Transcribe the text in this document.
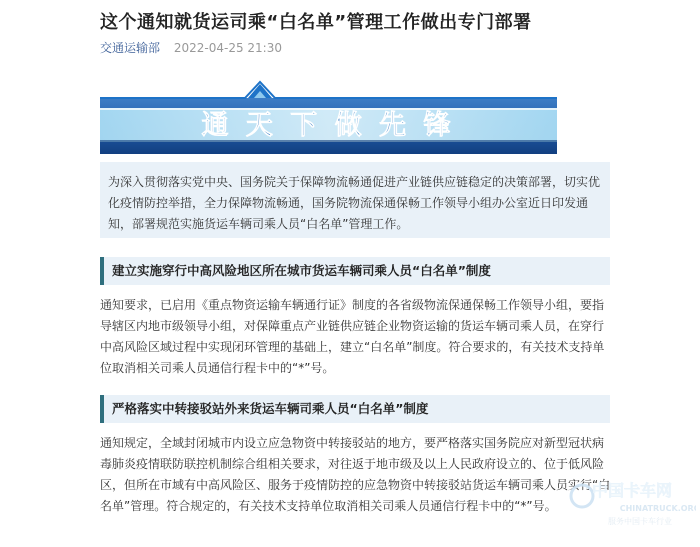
这个通知就货运司乘“白名单”管理工作做出专门部署
交通运输部 2022-04-25 21:30
通 天 下 做 先 锋
为深入贯彻落实党中央、国务院关于保障物流畅通促进产业链供应链稳定的决策部署，切实优化疫情防控举措，全力保障物流畅通，国务院物流保通保畅工作领导小组办公室近日印发通知，部署规范实施货运车辆司乘人员“白名单”管理工作。
建立实施穿行中高风险地区所在城市货运车辆司乘人员“白名单”制度

通知要求，已启用《重点物资运输车辆通行证》制度的各省级物流保通保畅工作领导小组，要指导辖区内地市级领导小组，对保障重点产业链供应链企业物资运输的货运车辆司乘人员，在穿行中高风险区域过程中实现闭环管理的基础上，建立“白名单”制度。符合要求的，有关技术支持单位取消相关司乘人员通信行程卡中的“*”号。

严格落实中转接驳站外来货运车辆司乘人员“白名单”制度

通知规定，全域封闭城市内设立应急物资中转接驳站的地方，要严格落实国务院应对新型冠状病毒肺炎疫情联防联控机制综合组相关要求，对往返于地市级及以上人民政府设立的、位于低风险区，但所在市域有中高风险区、服务于疫情防控的应急物资中转接驳站货运车辆司乘人员实行“白名单”管理。符合规定的，有关技术支持单位取消相关司乘人员通信行程卡中的“*”号。

中国卡车网
CHINATRUCK.ORG
服务中国卡车行业
